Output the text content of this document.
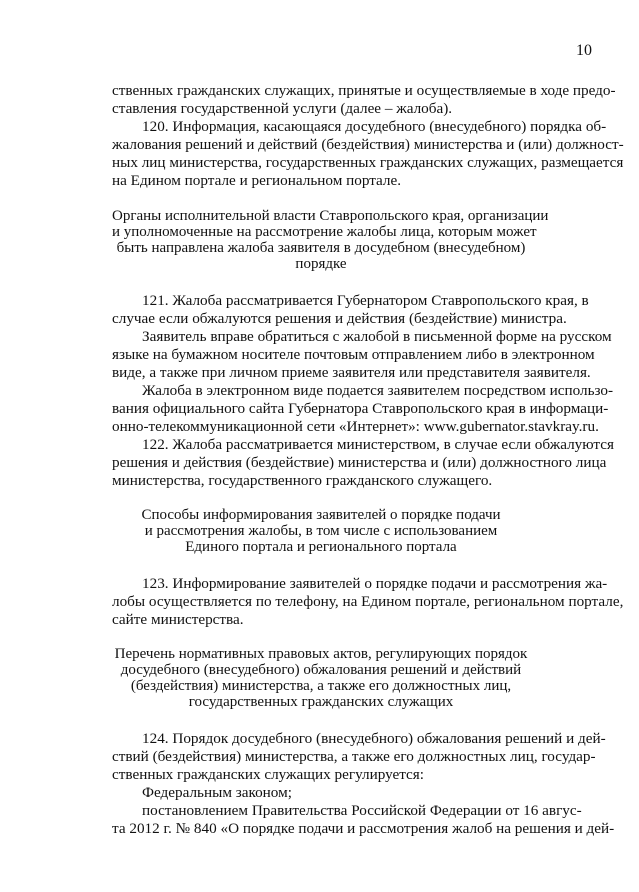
10
ственных гражданских служащих, принятые и осуществляемые в ходе предо-
ставления государственной услуги (далее – жалоба).
120. Информация, касающаяся досудебного (внесудебного) порядка об-
жалования решений и действий (бездействия) министерства и (или) должност-
ных лиц министерства, государственных гражданских служащих, размещается
на Едином портале и региональном портале.
Органы исполнительной власти Ставропольского края, организации
и уполномоченные на рассмотрение жалобы лица, которым может
быть направлена жалоба заявителя в досудебном (внесудебном)
порядке
121. Жалоба рассматривается Губернатором Ставропольского края, в
случае если обжалуются решения и действия (бездействие) министра.
Заявитель вправе обратиться с жалобой в письменной форме на русском
языке на бумажном носителе почтовым отправлением либо в электронном
виде, а также при личном приеме заявителя или представителя заявителя.
Жалоба в электронном виде подается заявителем посредством использо-
вания официального сайта Губернатора Ставропольского края в информаци-
онно-телекоммуникационной сети «Интернет»: www.gubernator.stavkray.ru.
122. Жалоба рассматривается министерством, в случае если обжалуются
решения и действия (бездействие) министерства и (или) должностного лица
министерства, государственного гражданского служащего.
Способы информирования заявителей о порядке подачи
и рассмотрения жалобы, в том числе с использованием
Единого портала и регионального портала
123. Информирование заявителей о порядке подачи и рассмотрения жа-
лобы осуществляется по телефону, на Едином портале, региональном портале,
сайте министерства.
Перечень нормативных правовых актов, регулирующих порядок
досудебного (внесудебного) обжалования решений и действий
(бездействия) министерства, а также его должностных лиц,
государственных гражданских служащих
124. Порядок досудебного (внесудебного) обжалования решений и дей-
ствий (бездействия) министерства, а также его должностных лиц, государ-
ственных гражданских служащих регулируется:
Федеральным законом;
постановлением Правительства Российской Федерации от 16 авгус-
та 2012 г. № 840 «О порядке подачи и рассмотрения жалоб на решения и дей-
